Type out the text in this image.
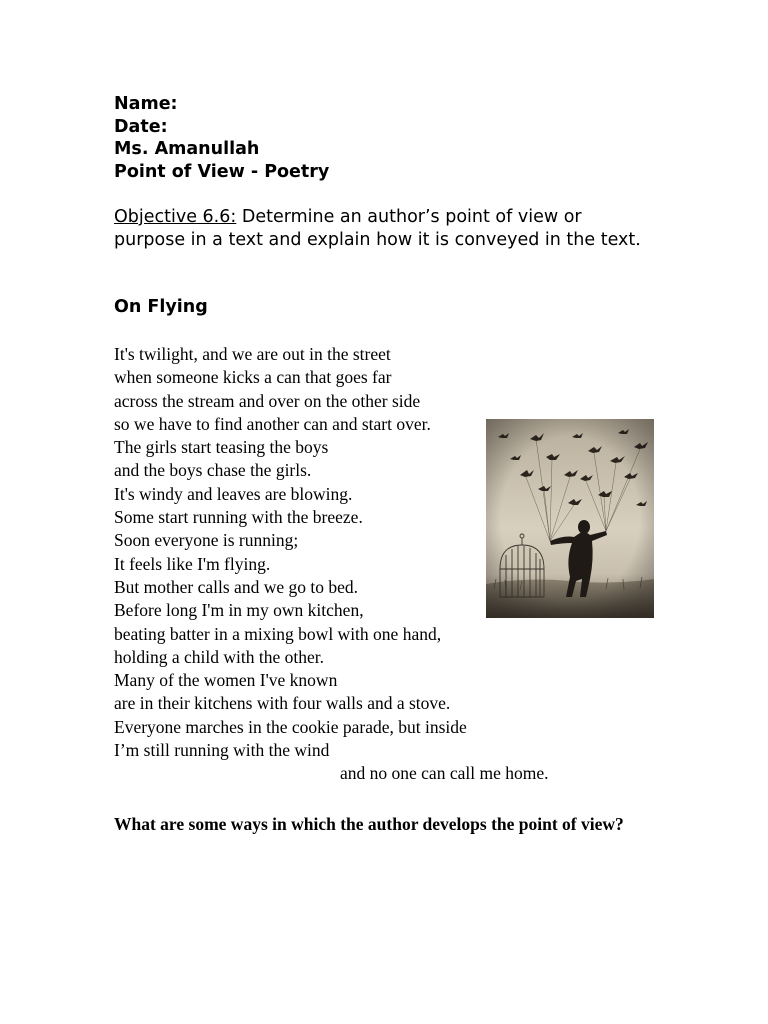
Name:
Date:
Ms. Amanullah
Point of View - Poetry
Objective 6.6: Determine an author’s point of view or purpose in a text and explain how it is conveyed in the text.
On Flying
It's twilight, and we are out in the street
when someone kicks a can that goes far
across the stream and over on the other side
so we have to find another can and start over.
The girls start teasing the boys
and the boys chase the girls.
It's windy and leaves are blowing.
Some start running with the breeze.
Soon everyone is running;
It feels like I'm flying.
But mother calls and we go to bed.
Before long I'm in my own kitchen,
beating batter in a mixing bowl with one hand,
holding a child with the other.
Many of the women I've known
are in their kitchens with four walls and a stove.
Everyone marches in the cookie parade, but inside
I’m still running with the wind
and no one can call me home.
What are some ways in which the author develops the point of view?
